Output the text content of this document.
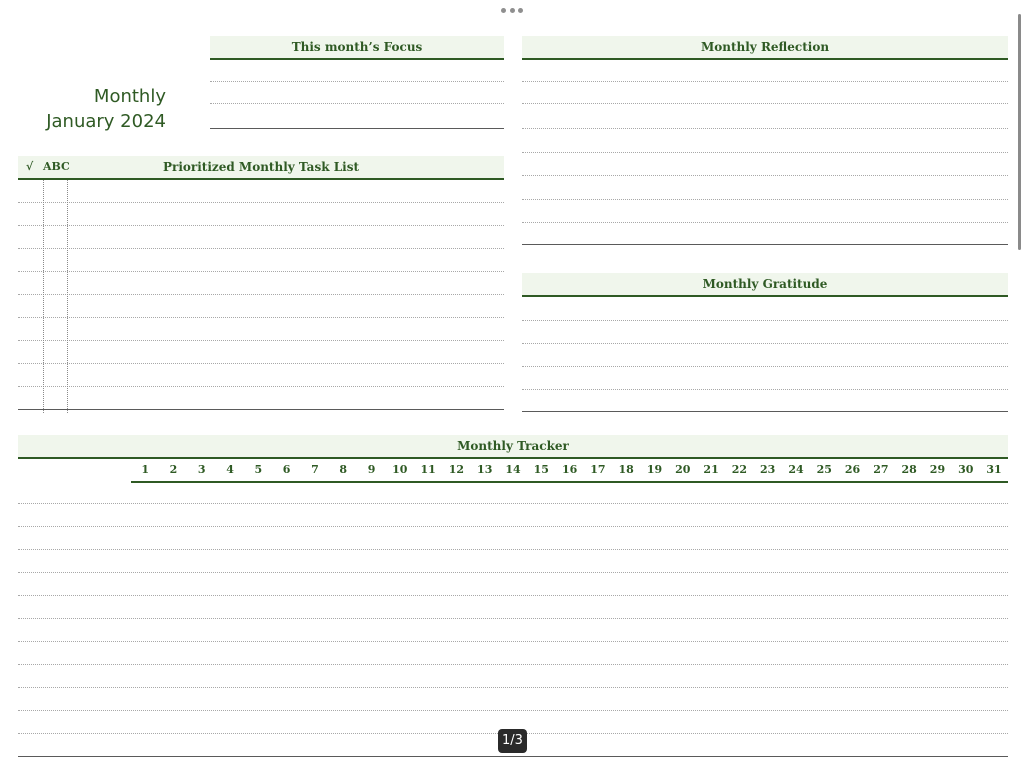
Monthly
January 2024
This month’s Focus	Monthly Reflection
Prioritized Monthly Task List
√ ABC
Monthly Gratitude
Monthly Tracker
1	2	3	4	5	6	7	8	9	10	11	12	13	14	15	16	17	18	19	20	21	22	23	24	25	26	27	28	29	30	31
1/3
